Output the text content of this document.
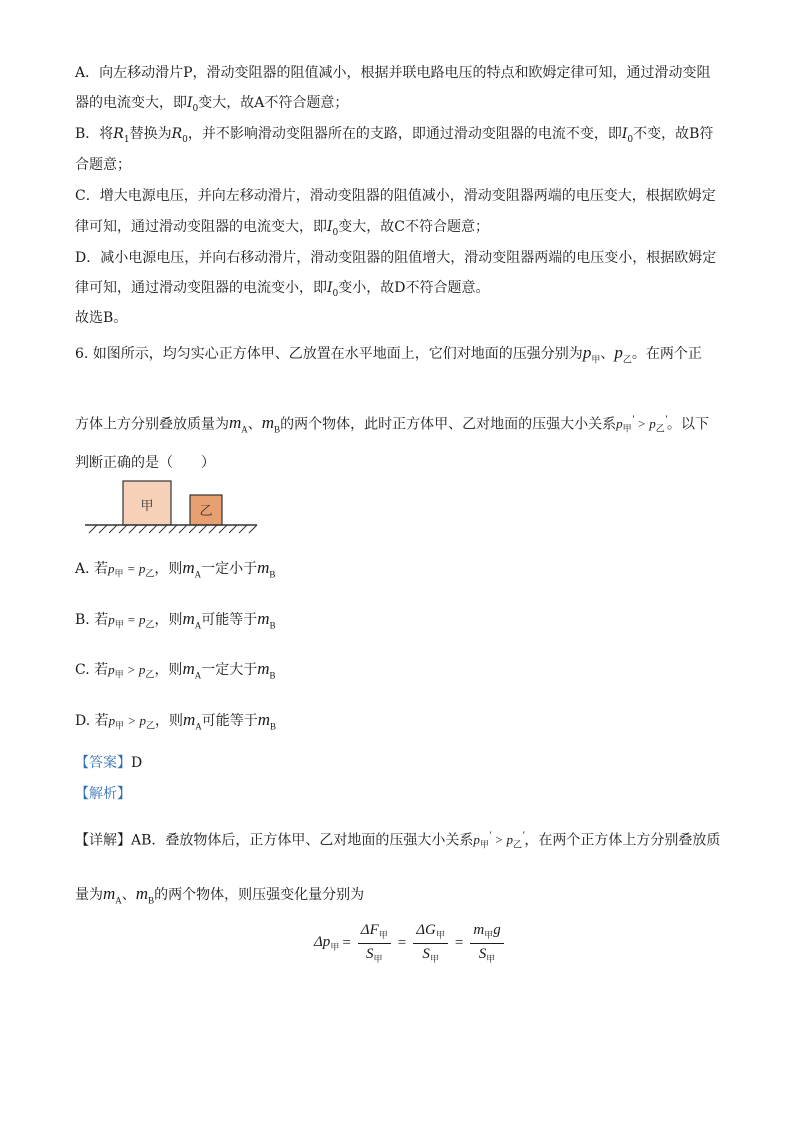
A．向左移动滑片P，滑动变阻器的阻值减小，根据并联电路电压的特点和欧姆定律可知，通过滑动变阻
器的电流变大，即$I_0$变大，故A不符合题意；
B．将$R_1$替换为$R_0$，并不影响滑动变阻器所在的支路，即通过滑动变阻器的电流不变，即$I_0$不变，故B符
合题意；
C．增大电源电压，并向左移动滑片，滑动变阻器的阻值减小，滑动变阻器两端的电压变大，根据欧姆定
律可知，通过滑动变阻器的电流变大，即$I_0$变大，故C不符合题意；
D．减小电源电压，并向右移动滑片，滑动变阻器的阻值增大，滑动变阻器两端的电压变小，根据欧姆定
律可知，通过滑动变阻器的电流变小，即$I_0$变小，故D不符合题意。
故选B。
6. 如图所示，均匀实心正方体甲、乙放置在水平地面上，它们对地面的压强分别为$p_甲$、$p_乙$。在两个正
方体上方分别叠放质量为$m_A$、$m_B$的两个物体，此时正方体甲、乙对地面的压强大小关系$p_甲' > p_乙'$。以下
判断正确的是（　　）
甲	乙
A. 若$p_甲 = p_乙$，则$m_A$一定小于$m_B$
B. 若$p_甲 = p_乙$，则$m_A$可能等于$m_B$
C. 若$p_甲 > p_乙$，则$m_A$一定大于$m_B$
D. 若$p_甲 > p_乙$，则$m_A$可能等于$m_B$
【答案】D
【解析】
【详解】AB．叠放物体后，正方体甲、乙对地面的压强大小关系$p_甲' > p_乙'$，在两个正方体上方分别叠放质
量为$m_A$、$m_B$的两个物体，则压强变化量分别为
$\Delta p_甲 = \frac{\Delta F_甲}{S_甲} = \frac{\Delta G_甲}{S_甲} = \frac{m_甲g}{S_甲}$
